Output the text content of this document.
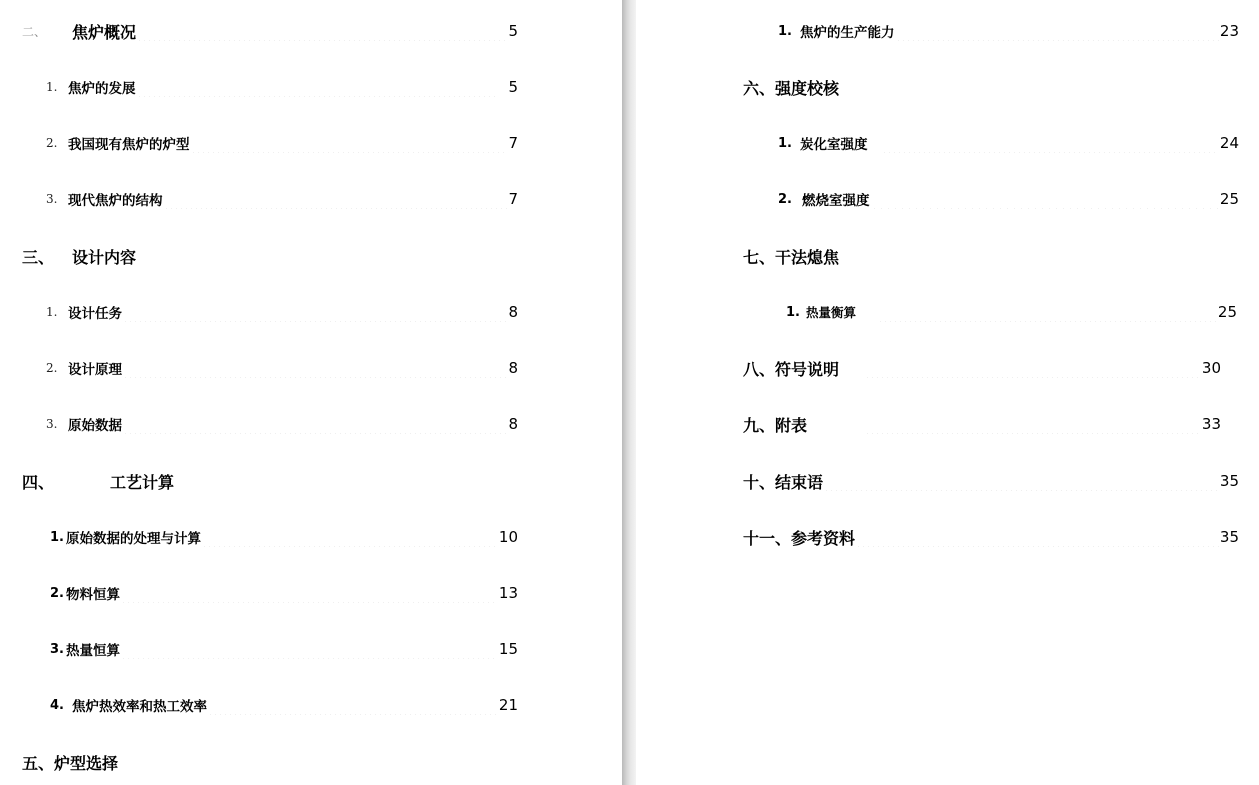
二、	焦炉概况	5
1. 焦炉的发展	5
2. 我国现有焦炉的炉型	7
3. 现代焦炉的结构	7
三、	设计内容
1. 设计任务	8
2. 设计原理	8
3. 原始数据	8
四、	工艺计算
1. 原始数据的处理与计算	10
2. 物料恒算	13
3. 热量恒算	15
4. 焦炉热效率和热工效率	21
五、炉型选择
1. 焦炉的生产能力	23
六、强度校核
1. 炭化室强度	24
2. 燃烧室强度	25
七、干法熄焦
1. 热量衡算	25
八、符号说明	30
九、附表	33
十、结束语	35
十一、参考资料	35
